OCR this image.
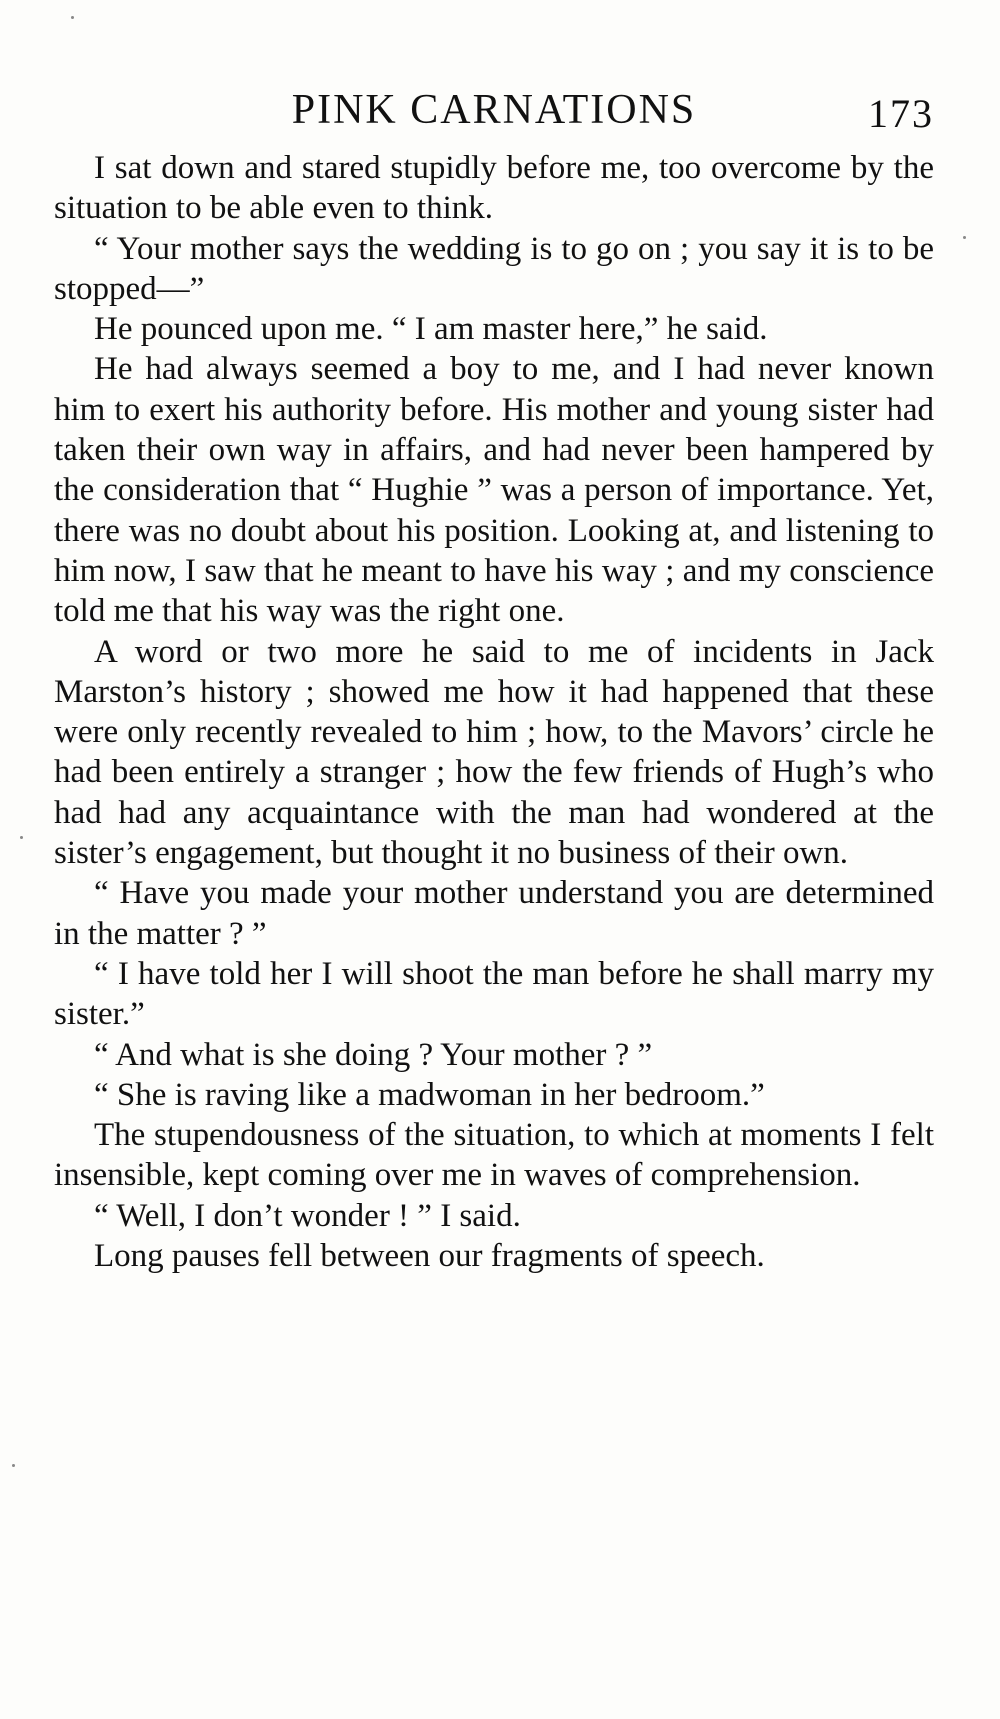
PINK CARNATIONS	173

I sat down and stared stupidly before me, too overcome by the situation to be able even to think.

“ Your mother says the wedding is to go on ; you say it is to be stopped—”

He pounced upon me. “ I am master here,” he said.

He had always seemed a boy to me, and I had never known him to exert his authority before. His mother and young sister had taken their own way in affairs, and had never been hampered by the consideration that “ Hughie ” was a person of importance. Yet, there was no doubt about his position. Looking at, and listening to him now, I saw that he meant to have his way ; and my conscience told me that his way was the right one.

A word or two more he said to me of incidents in Jack Marston’s history ; showed me how it had happened that these were only recently revealed to him ; how, to the Mavors’ circle he had been entirely a stranger ; how the few friends of Hugh’s who had had any acquaintance with the man had wondered at the sister’s engagement, but thought it no business of their own.

“ Have you made your mother understand you are determined in the matter ? ”

“ I have told her I will shoot the man before he shall marry my sister.”

“ And what is she doing ? Your mother ? ”

“ She is raving like a madwoman in her bedroom.”

The stupendousness of the situation, to which at moments I felt insensible, kept coming over me in waves of comprehension.

“ Well, I don’t wonder ! ” I said.

Long pauses fell between our fragments of speech.
